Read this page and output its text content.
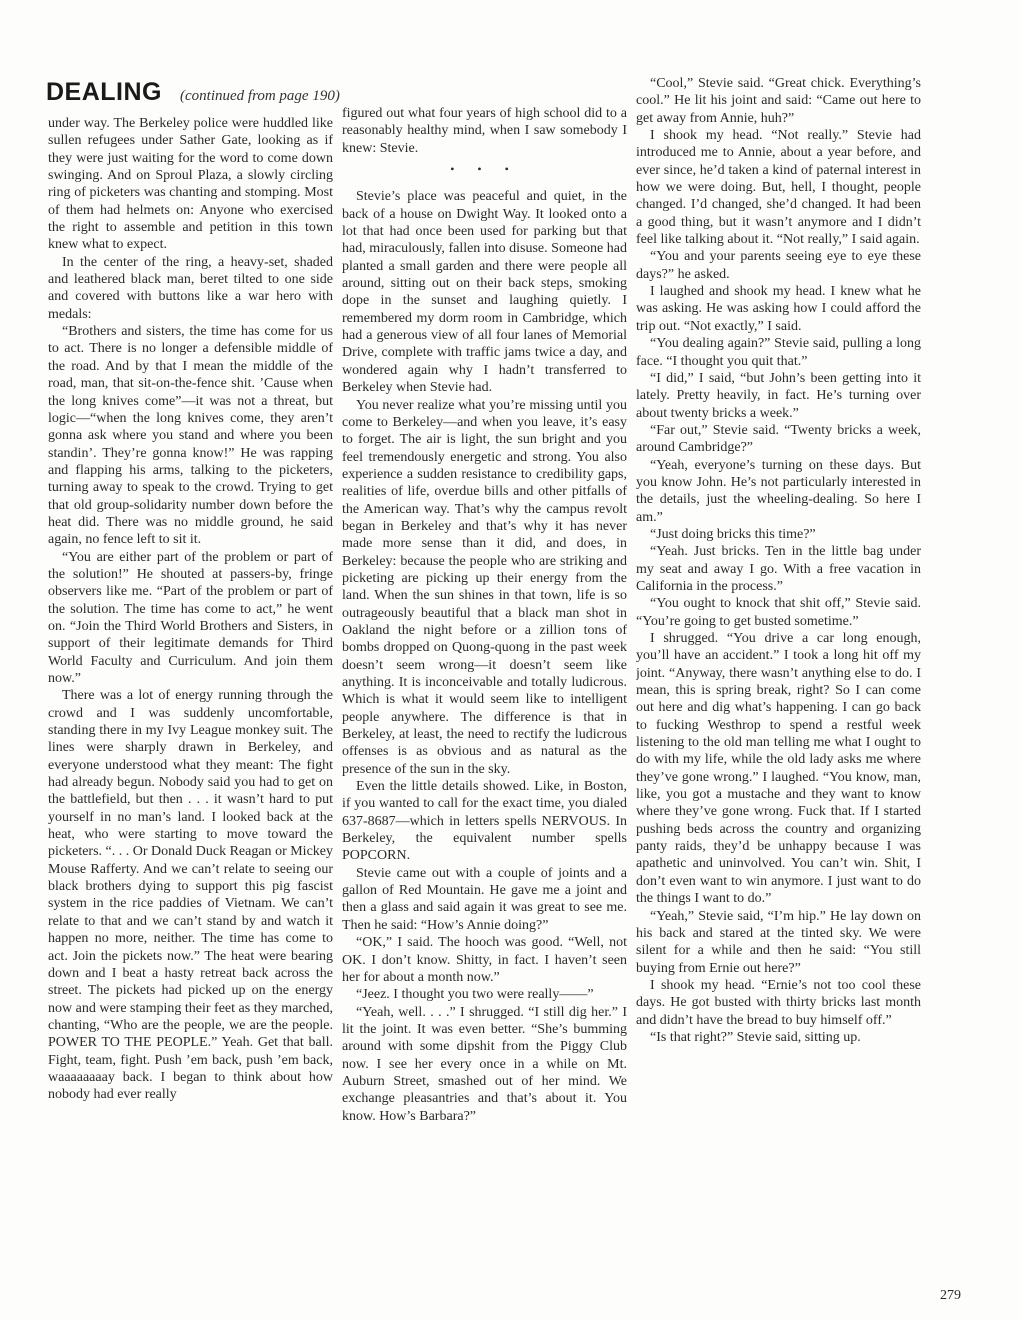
DEALING (continued from page 190)

under way. The Berkeley police were huddled like sullen refugees under Sather Gate, looking as if they were just waiting for the word to come down swinging. And on Sproul Plaza, a slowly circling ring of picketers was chanting and stomping. Most of them had helmets on: Anyone who exercised the right to assemble and petition in this town knew what to expect.

In the center of the ring, a heavy-set, shaded and leathered black man, beret tilted to one side and covered with buttons like a war hero with medals:

“Brothers and sisters, the time has come for us to act. There is no longer a defensible middle of the road. And by that I mean the middle of the road, man, that sit-on-the-fence shit. ’Cause when the long knives come”—it was not a threat, but logic—“when the long knives come, they aren’t gonna ask where you stand and where you been standin’. They’re gonna know!” He was rapping and flapping his arms, talking to the picketers, turning away to speak to the crowd. Trying to get that old group-solidarity number down before the heat did. There was no middle ground, he said again, no fence left to sit it.

“You are either part of the problem or part of the solution!” He shouted at passers-by, fringe observers like me. “Part of the problem or part of the solution. The time has come to act,” he went on. “Join the Third World Brothers and Sisters, in support of their legitimate demands for Third World Faculty and Curriculum. And join them now.”

There was a lot of energy running through the crowd and I was suddenly uncomfortable, standing there in my Ivy League monkey suit. The lines were sharply drawn in Berkeley, and everyone understood what they meant: The fight had already begun. Nobody said you had to get on the battlefield, but then . . . it wasn’t hard to put yourself in no man’s land. I looked back at the heat, who were starting to move toward the picketers. “. . . Or Donald Duck Reagan or Mickey Mouse Rafferty. And we can’t relate to seeing our black brothers dying to support this pig fascist system in the rice paddies of Vietnam. We can’t relate to that and we can’t stand by and watch it happen no more, neither. The time has come to act. Join the pickets now.” The heat were bearing down and I beat a hasty retreat back across the street. The pickets had picked up on the energy now and were stamping their feet as they marched, chanting, “Who are the people, we are the people. POWER TO THE PEOPLE.” Yeah. Get that ball. Fight, team, fight. Push ’em back, push ’em back, waaaaaaaay back. I began to think about how nobody had ever really

figured out what four years of high school did to a reasonably healthy mind, when I saw somebody I knew: Stevie.

• • •

Stevie’s place was peaceful and quiet, in the back of a house on Dwight Way. It looked onto a lot that had once been used for parking but that had, miraculously, fallen into disuse. Someone had planted a small garden and there were people all around, sitting out on their back steps, smoking dope in the sunset and laughing quietly. I remembered my dorm room in Cambridge, which had a generous view of all four lanes of Memorial Drive, complete with traffic jams twice a day, and wondered again why I hadn’t transferred to Berkeley when Stevie had.

You never realize what you’re missing until you come to Berkeley—and when you leave, it’s easy to forget. The air is light, the sun bright and you feel tremendously energetic and strong. You also experience a sudden resistance to credibility gaps, realities of life, overdue bills and other pitfalls of the American way. That’s why the campus revolt began in Berkeley and that’s why it has never made more sense than it did, and does, in Berkeley: because the people who are striking and picketing are picking up their energy from the land. When the sun shines in that town, life is so outrageously beautiful that a black man shot in Oakland the night before or a zillion tons of bombs dropped on Quong-quong in the past week doesn’t seem wrong—it doesn’t seem like anything. It is inconceivable and totally ludicrous. Which is what it would seem like to intelligent people anywhere. The difference is that in Berkeley, at least, the need to rectify the ludicrous offenses is as obvious and as natural as the presence of the sun in the sky.

Even the little details showed. Like, in Boston, if you wanted to call for the exact time, you dialed 637-8687—which in letters spells NERVOUS. In Berkeley, the equivalent number spells POPCORN.

Stevie came out with a couple of joints and a gallon of Red Mountain. He gave me a joint and then a glass and said again it was great to see me. Then he said: “How’s Annie doing?”

“OK,” I said. The hooch was good. “Well, not OK. I don’t know. Shitty, in fact. I haven’t seen her for about a month now.”

“Jeez. I thought you two were really——”

“Yeah, well. . . .” I shrugged. “I still dig her.” I lit the joint. It was even better. “She’s bumming around with some dipshit from the Piggy Club now. I see her every once in a while on Mt. Auburn Street, smashed out of her mind. We exchange pleasantries and that’s about it. You know. How’s Barbara?”

“Cool,” Stevie said. “Great chick. Everything’s cool.” He lit his joint and said: “Came out here to get away from Annie, huh?”

I shook my head. “Not really.” Stevie had introduced me to Annie, about a year before, and ever since, he’d taken a kind of paternal interest in how we were doing. But, hell, I thought, people changed. I’d changed, she’d changed. It had been a good thing, but it wasn’t anymore and I didn’t feel like talking about it. “Not really,” I said again.

“You and your parents seeing eye to eye these days?” he asked.

I laughed and shook my head. I knew what he was asking. He was asking how I could afford the trip out. “Not exactly,” I said.

“You dealing again?” Stevie said, pulling a long face. “I thought you quit that.”

“I did,” I said, “but John’s been getting into it lately. Pretty heavily, in fact. He’s turning over about twenty bricks a week.”

“Far out,” Stevie said. “Twenty bricks a week, around Cambridge?”

“Yeah, everyone’s turning on these days. But you know John. He’s not particularly interested in the details, just the wheeling-dealing. So here I am.”

“Just doing bricks this time?”

“Yeah. Just bricks. Ten in the little bag under my seat and away I go. With a free vacation in California in the process.”

“You ought to knock that shit off,” Stevie said. “You’re going to get busted sometime.”

I shrugged. “You drive a car long enough, you’ll have an accident.” I took a long hit off my joint. “Anyway, there wasn’t anything else to do. I mean, this is spring break, right? So I can come out here and dig what’s happening. I can go back to fucking Westhrop to spend a restful week listening to the old man telling me what I ought to do with my life, while the old lady asks me where they’ve gone wrong.” I laughed. “You know, man, like, you got a mustache and they want to know where they’ve gone wrong. Fuck that. If I started pushing beds across the country and organizing panty raids, they’d be unhappy because I was apathetic and uninvolved. You can’t win. Shit, I don’t even want to win anymore. I just want to do the things I want to do.”

“Yeah,” Stevie said, “I’m hip.” He lay down on his back and stared at the tinted sky. We were silent for a while and then he said: “You still buying from Ernie out here?”

I shook my head. “Ernie’s not too cool these days. He got busted with thirty bricks last month and didn’t have the bread to buy himself off.”

“Is that right?” Stevie said, sitting up.

279
